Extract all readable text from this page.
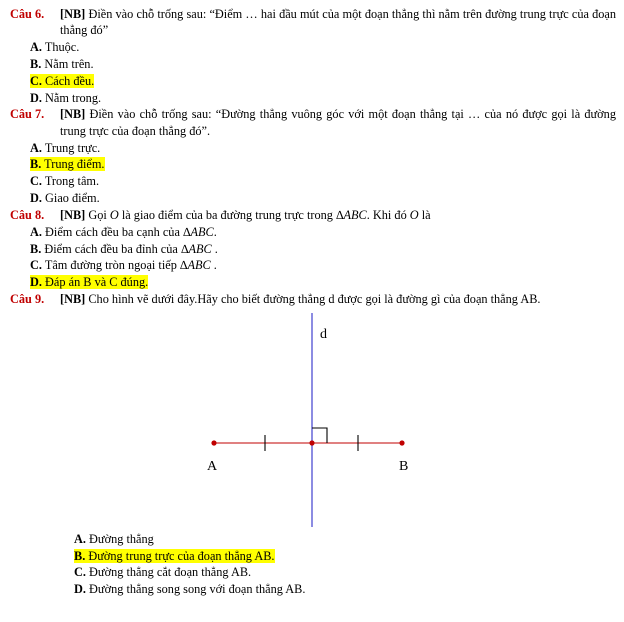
Câu 6.	[NB] Điền vào chỗ trống sau: “Điểm … hai đầu mút của một đoạn thẳng thì nằm trên đường trung trực của đoạn thẳng đó”
A. Thuộc.
B. Nằm trên.
C. Cách đều.
D. Nằm trong.
Câu 7.	[NB] Điền vào chỗ trống sau: “Đường thẳng vuông góc với một đoạn thẳng tại … của nó được gọi là đường trung trực của đoạn thẳng đó”.
A. Trung trực.
B. Trung điểm.
C. Trong tâm.
D. Giao điểm.
Câu 8.	[NB] Gọi O là giao điểm của ba đường trung trực trong ∆ABC. Khi đó O là
A. Điểm cách đều ba cạnh của ∆ABC.
B. Điểm cách đều ba đỉnh của ∆ABC .
C. Tâm đường tròn ngoại tiếp ∆ABC .
D. Đáp án B và C đúng.
Câu 9.	[NB] Cho hình vẽ dưới đây.Hãy cho biết đường thẳng d được gọi là đường gì của đoạn thẳng AB.
d
A	B
A. Đường thẳng
B. Đường trung trực của đoạn thẳng AB.
C. Đường thẳng cắt đoạn thẳng AB.
D. Đường thẳng song song với đoạn thẳng AB.
